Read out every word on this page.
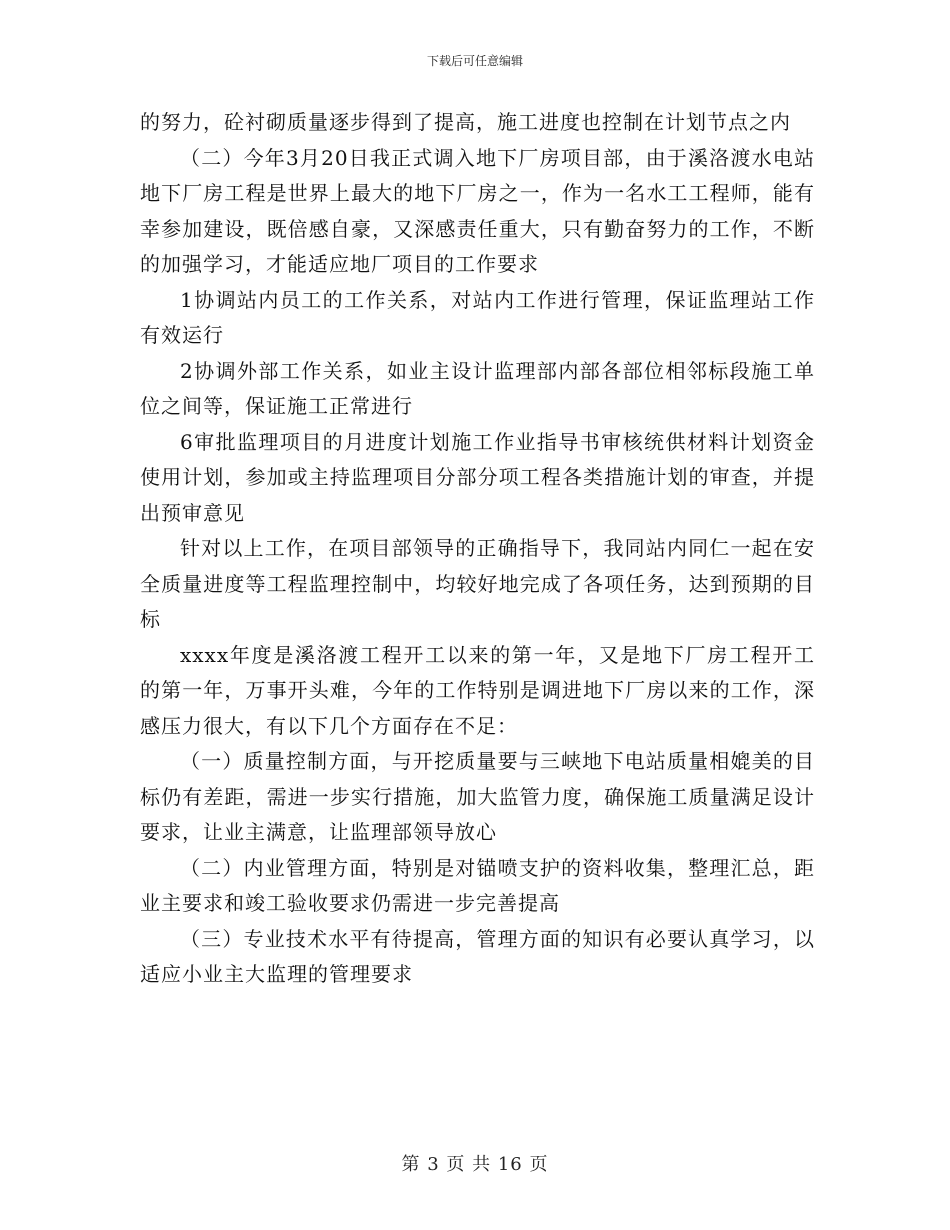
下载后可任意编辑

的努力，砼衬砌质量逐步得到了提高，施工进度也控制在计划节点之内

（二）今年3月20日我正式调入地下厂房项目部，由于溪洛渡水电站地下厂房工程是世界上最大的地下厂房之一，作为一名水工工程师，能有幸参加建设，既倍感自豪，又深感责任重大，只有勤奋努力的工作，不断的加强学习，才能适应地厂项目的工作要求

1协调站内员工的工作关系，对站内工作进行管理，保证监理站工作有效运行

2协调外部工作关系，如业主设计监理部内部各部位相邻标段施工单位之间等，保证施工正常进行

6审批监理项目的月进度计划施工作业指导书审核统供材料计划资金使用计划，参加或主持监理项目分部分项工程各类措施计划的审查，并提出预审意见

针对以上工作，在项目部领导的正确指导下，我同站内同仁一起在安全质量进度等工程监理控制中，均较好地完成了各项任务，达到预期的目标

xxxx年度是溪洛渡工程开工以来的第一年，又是地下厂房工程开工的第一年，万事开头难，今年的工作特别是调进地下厂房以来的工作，深感压力很大，有以下几个方面存在不足：

（一）质量控制方面，与开挖质量要与三峡地下电站质量相媲美的目标仍有差距，需进一步实行措施，加大监管力度，确保施工质量满足设计要求，让业主满意，让监理部领导放心

（二）内业管理方面，特别是对锚喷支护的资料收集，整理汇总，距业主要求和竣工验收要求仍需进一步完善提高

（三）专业技术水平有待提高，管理方面的知识有必要认真学习，以适应小业主大监理的管理要求

第 3 页 共 16 页
